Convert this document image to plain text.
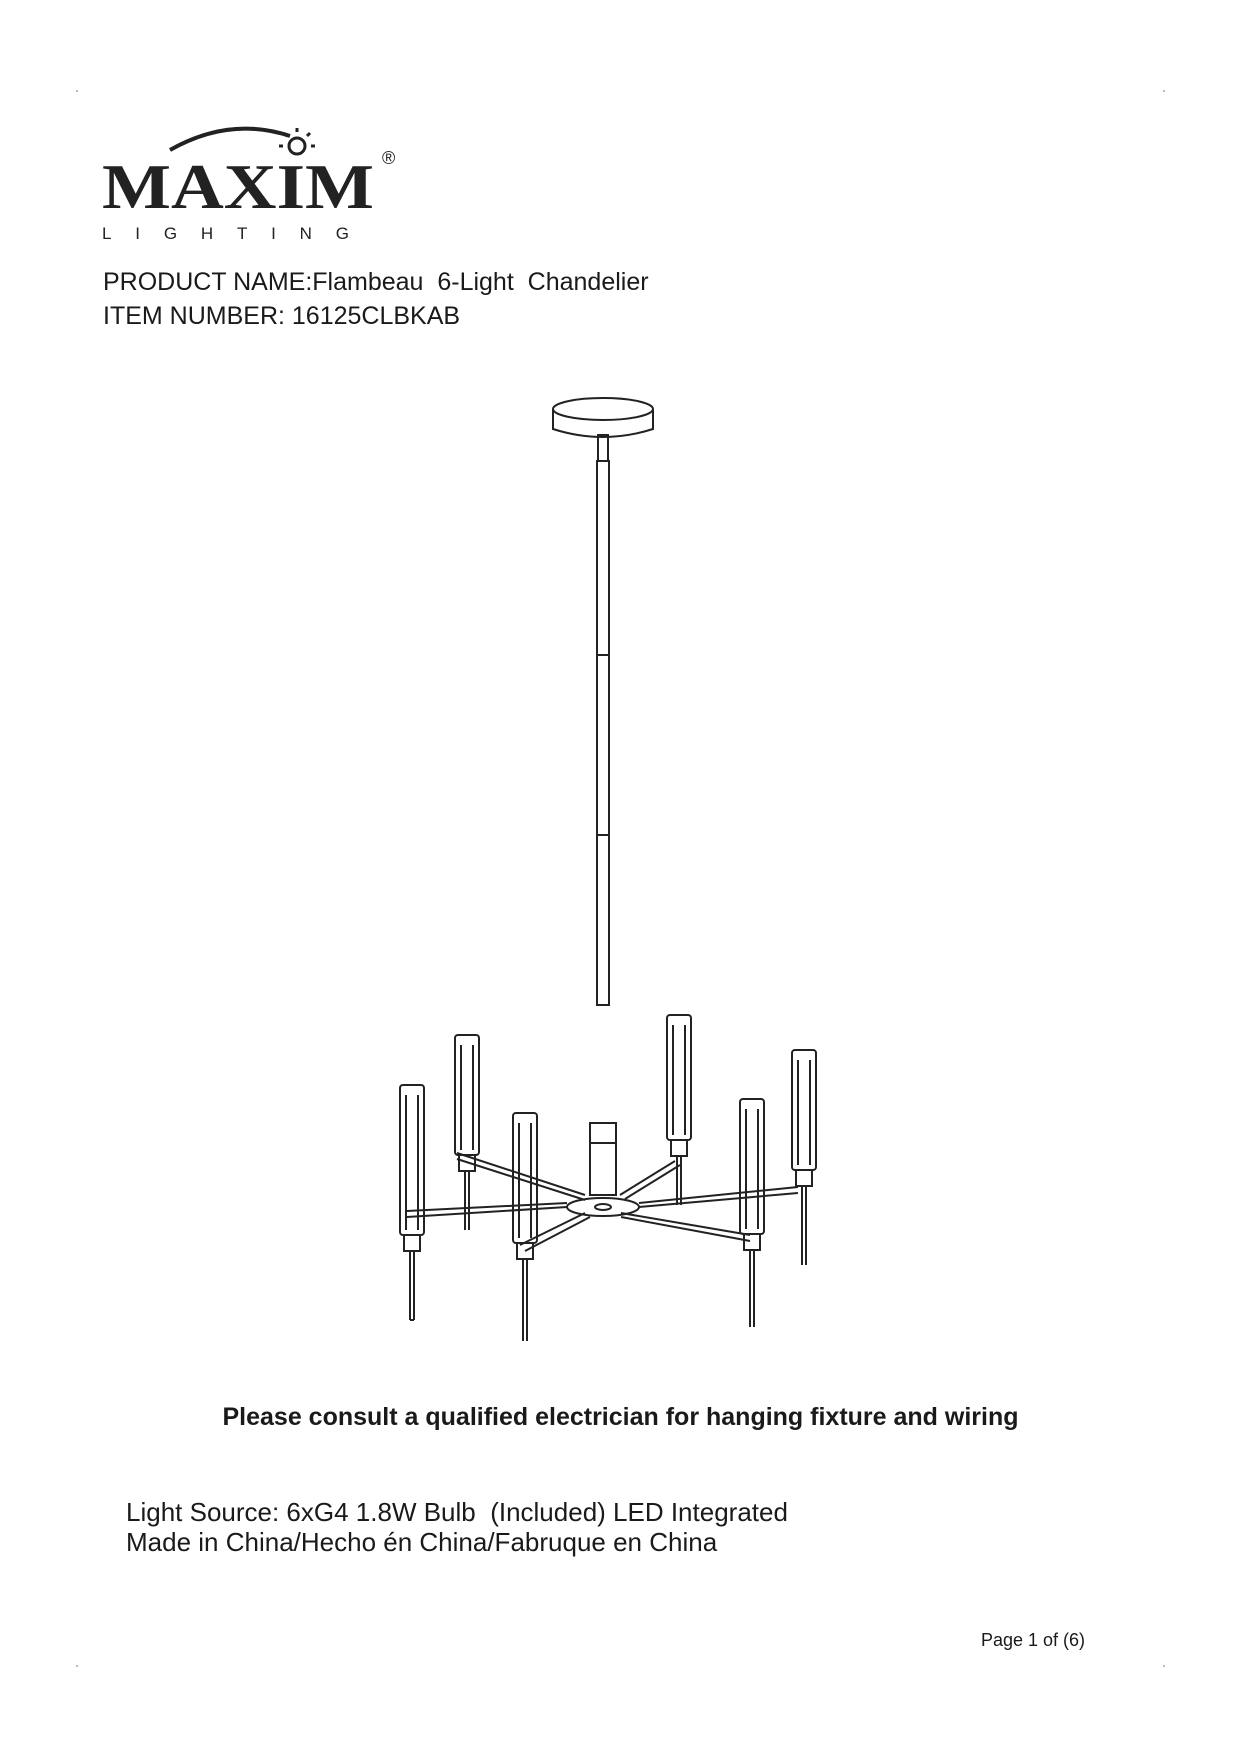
MAXIM ®
LIGHTING
PRODUCT NAME:Flambeau  6-Light  Chandelier
ITEM NUMBER: 16125CLBKAB
Please consult a qualified electrician for hanging fixture and wiring
Light Source: 6xG4 1.8W Bulb  (Included) LED Integrated
Made in China/Hecho én China/Fabruque en China
Page 1 of (6)
